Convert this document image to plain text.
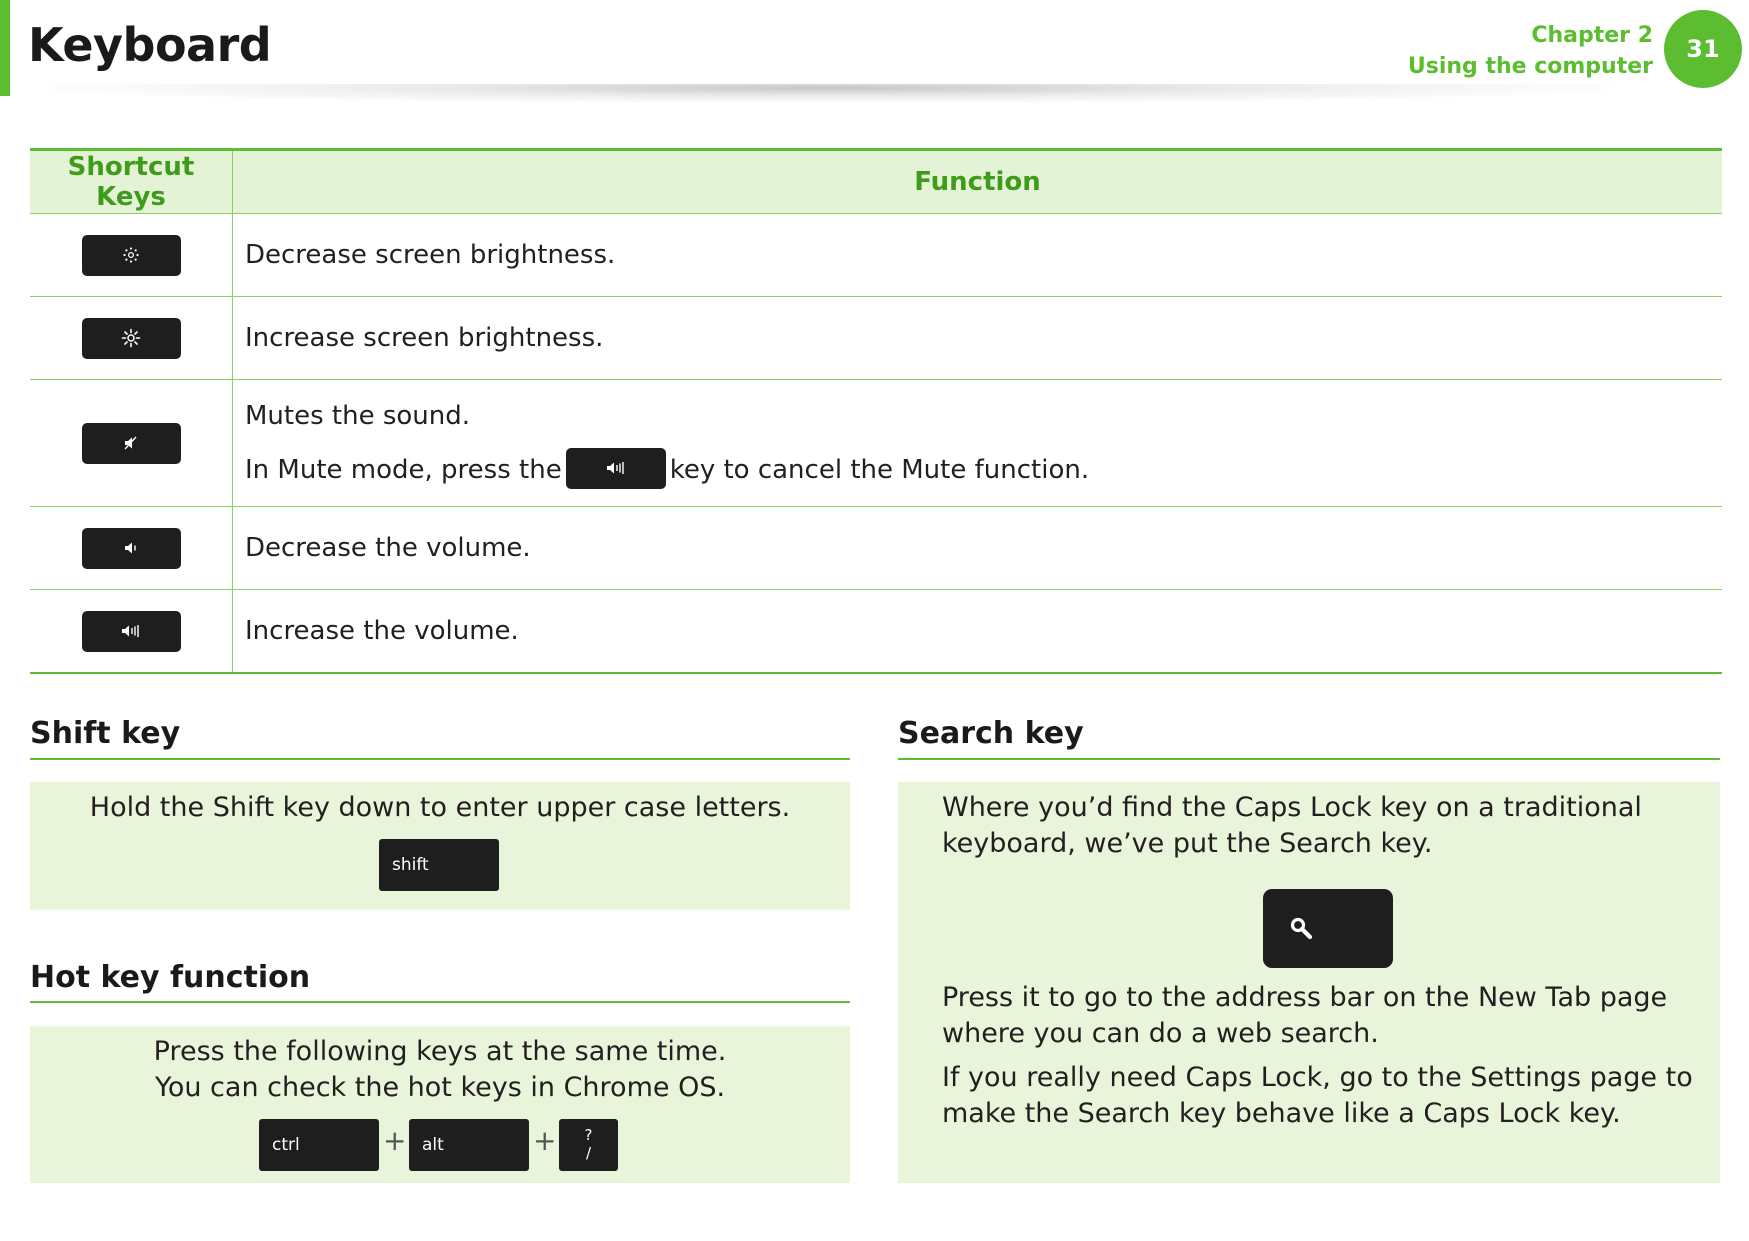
Keyboard	Chapter 2
Using the computer
31
Shortcut Keys	Function

	Decrease screen brightness.

	Increase screen brightness.

Mutes the sound.
In Mute mode, press the key to cancel the Mute function.

	Decrease the volume.

	Increase the volume.
Shift key
Hold the Shift key down to enter upper case letters.
shift
Hot key function
Press the following keys at the same time.
You can check the hot keys in Chrome OS.
ctrl	+ alt	+	?
/
Search key
Where you’d find the Caps Lock key on a traditional keyboard, we’ve put the Search key.
Press it to go to the address bar on the New Tab page where you can do a web search.
If you really need Caps Lock, go to the Settings page to make the Search key behave like a Caps Lock key.
